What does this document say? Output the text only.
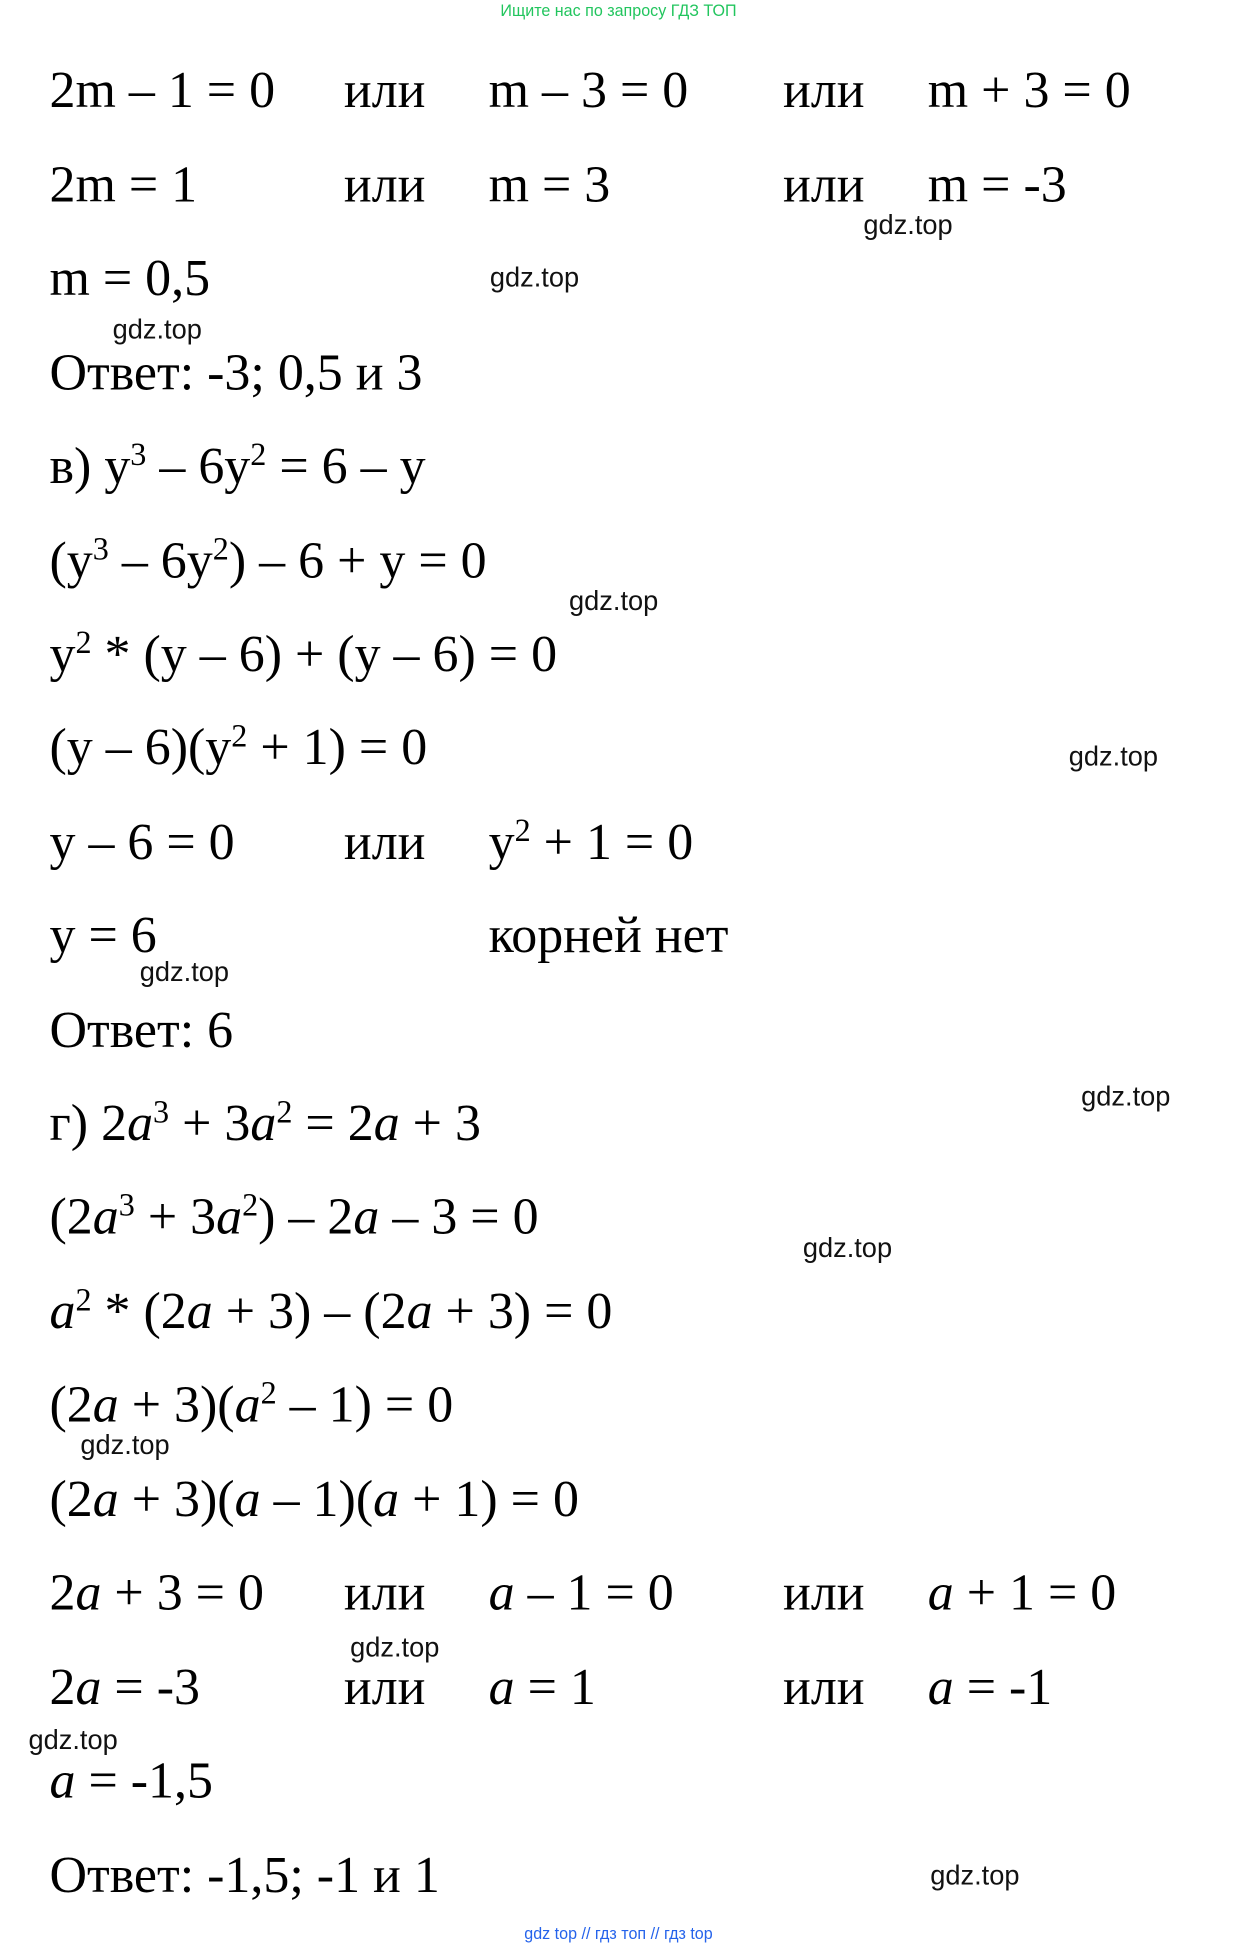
Ищите нас по запросу ГДЗ ТОП
2m – 1 = 0 или m – 3 = 0 или m + 3 = 0
2m = 1	или m = 3	или m = -3
m = 0,5
Ответ: -3; 0,5 и 3
в) $y^3 - 6y^2 = 6 - y$
$(y^3 - 6y^2) - 6 + y = 0$
$y^2 * (y - 6) + (y - 6) = 0$
$(y - 6)(y^2 + 1) = 0$
y – 6 = 0	или $y^2 + 1 = 0$
y = 6	корней нет
Ответ: 6
г) $2a^3 + 3a^2 = 2a + 3$
$(2a^3 + 3a^2) - 2a - 3 = 0$
$a^2 * (2a + 3) - (2a + 3) = 0$
$(2a + 3)(a^2 - 1) = 0$
(2a + 3)(a – 1)(a + 1) = 0
2a + 3 = 0 или a – 1 = 0	или a + 1 = 0
2a = -3	или a = 1	или a = -1
a = -1,5
Ответ: -1,5; -1 и 1
gdz.top
gdz.top
gdz.top
gdz.top
gdz.top
gdz.top
gdz.top
gdz.top
gdz.top
gdz.top
gdz.top
gdz.top
gdz top // гдз топ // гдз top
